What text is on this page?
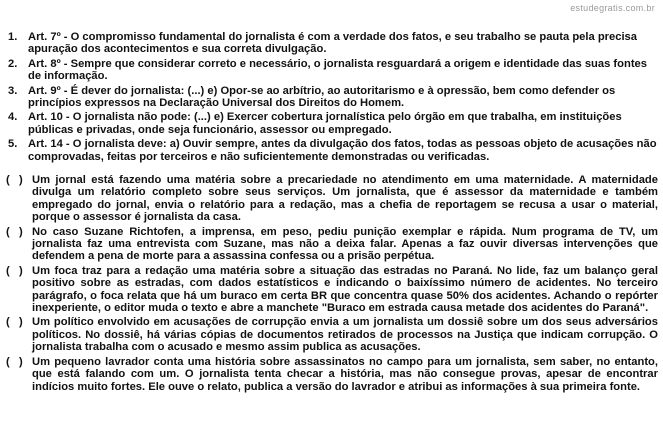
estudegratis.com.br
1. Art. 7º - O compromisso fundamental do jornalista é com a verdade dos fatos, e seu trabalho se pauta pela precisa apuração dos acontecimentos e sua correta divulgação.
2. Art. 8º - Sempre que considerar correto e necessário, o jornalista resguardará a origem e identidade das suas fontes de informação.
3. Art. 9º - É dever do jornalista: (...) e) Opor-se ao arbítrio, ao autoritarismo e à opressão, bem como defender os princípios expressos na Declaração Universal dos Direitos do Homem.
4. Art. 10 - O jornalista não pode: (...) e) Exercer cobertura jornalística pelo órgão em que trabalha, em instituições públicas e privadas, onde seja funcionário, assessor ou empregado.
5. Art. 14 - O jornalista deve: a) Ouvir sempre, antes da divulgação dos fatos, todas as pessoas objeto de acusações não comprovadas, feitas por terceiros e não suficientemente demonstradas ou verificadas.
(   ) Um jornal está fazendo uma matéria sobre a precariedade no atendimento em uma maternidade. A maternidade divulga um relatório completo sobre seus serviços. Um jornalista, que é assessor da maternidade e também empregado do jornal, envia o relatório para a redação, mas a chefia de reportagem se recusa a usar o material, porque o assessor é jornalista da casa.
(   ) No caso Suzane Richtofen, a imprensa, em peso, pediu punição exemplar e rápida. Num programa de TV, um jornalista faz uma entrevista com Suzane, mas não a deixa falar. Apenas a faz ouvir diversas intervenções que defendem a pena de morte para a assassina confessa ou a prisão perpétua.
(   ) Um foca traz para a redação uma matéria sobre a situação das estradas no Paraná. No lide, faz um balanço geral positivo sobre as estradas, com dados estatísticos e indicando o baixíssimo número de acidentes. No terceiro parágrafo, o foca relata que há um buraco em certa BR que concentra quase 50% dos acidentes. Achando o repórter inexperiente, o editor muda o texto e abre a manchete "Buraco em estrada causa metade dos acidentes do Paraná".
(   ) Um político envolvido em acusações de corrupção envia a um jornalista um dossiê sobre um dos seus adversários políticos. No dossiê, há várias cópias de documentos retirados de processos na Justiça que indicam corrupção. O jornalista trabalha com o acusado e mesmo assim publica as acusações.
(   ) Um pequeno lavrador conta uma história sobre assassinatos no campo para um jornalista, sem saber, no entanto, que está falando com um. O jornalista tenta checar a história, mas não consegue provas, apesar de encontrar indícios muito fortes. Ele ouve o relato, publica a versão do lavrador e atribui as informações à sua primeira fonte.
